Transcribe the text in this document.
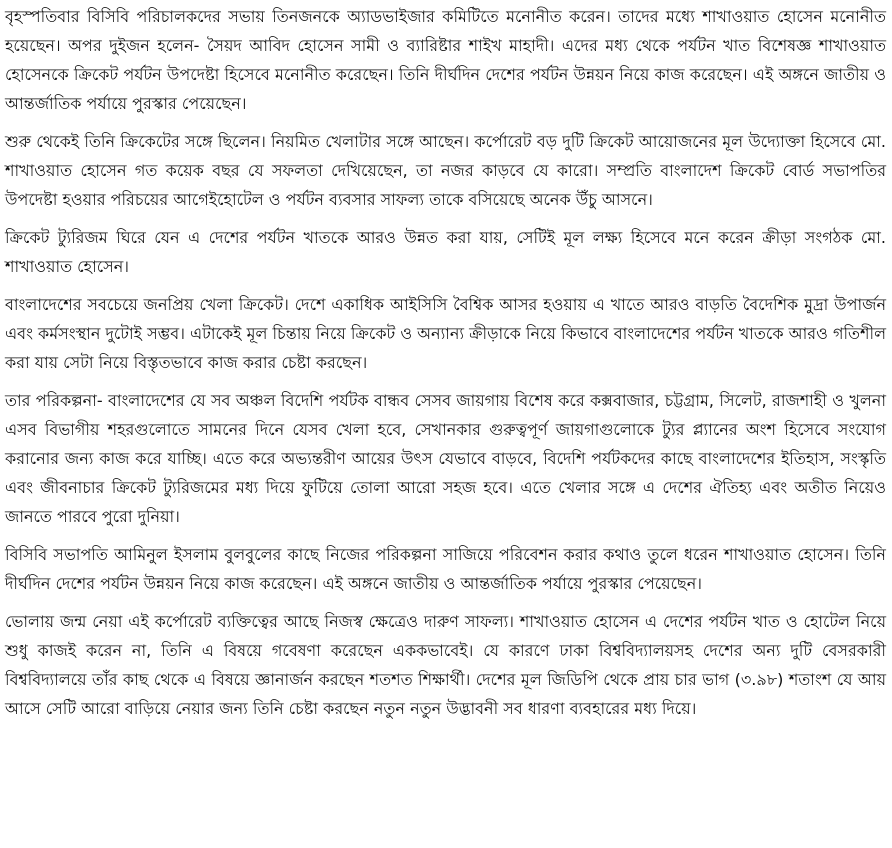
বৃহস্পতিবার বিসিবি পরিচালকদের সভায় তিনজনকে অ্যাডভাইজার কমিটিতে মনোনীত করেন। তাদের মধ্যে শাখাওয়াত হোসেন মনোনীত হয়েছেন। অপর দুইজন হলেন- সৈয়দ আবিদ হোসেন সামী ও ব্যারিষ্টার শাইখ মাহাদী। এদের মধ্য থেকে পর্যটন খাত বিশেষজ্ঞ শাখাওয়াত হোসেনকে ক্রিকেট পর্যটন উপদেষ্টা হিসেবে মনোনীত করেছেন। তিনি দীর্ঘদিন দেশের পর্যটন উন্নয়ন নিয়ে কাজ করেছেন। এই অঙ্গনে জাতীয় ও আন্তর্জাতিক পর্যায়ে পুরস্কার পেয়েছেন।

শুরু থেকেই তিনি ক্রিকেটের সঙ্গে ছিলেন। নিয়মিত খেলাটার সঙ্গে আছেন। কর্পোরেট বড় দুটি ক্রিকেট আয়োজনের মূল উদ্যোক্তা হিসেবে মো. শাখাওয়াত হোসেন গত কয়েক বছর যে সফলতা দেখিয়েছেন, তা নজর কাড়বে যে কারো। সম্প্রতি বাংলাদেশ ক্রিকেট বোর্ড সভাপতির উপদেষ্টা হওয়ার পরিচয়ের আগেইহোটেল ও পর্যটন ব্যবসার সাফল্য তাকে বসিয়েছে অনেক উঁচু আসনে।

ক্রিকেট ট্যুরিজম ঘিরে যেন এ দেশের পর্যটন খাতকে আরও উন্নত করা যায়, সেটিই মূল লক্ষ্য হিসেবে মনে করেন ক্রীড়া সংগঠক মো. শাখাওয়াত হোসেন।

বাংলাদেশের সবচেয়ে জনপ্রিয় খেলা ক্রিকেট। দেশে একাধিক আইসিসি বৈশ্বিক আসর হওয়ায় এ খাতে আরও বাড়তি বৈদেশিক মুদ্রা উপার্জন এবং কর্মসংস্থান দুটোই সম্ভব। এটাকেই মূল চিন্তায় নিয়ে ক্রিকেট ও অন্যান্য ক্রীড়াকে নিয়ে কিভাবে বাংলাদেশের পর্যটন খাতকে আরও গতিশীল করা যায় সেটা নিয়ে বিস্তৃতভাবে কাজ করার চেষ্টা করছেন।

তার পরিকল্পনা- বাংলাদেশের যে সব অঞ্চল বিদেশি পর্যটক বান্ধব সেসব জায়গায় বিশেষ করে কক্সবাজার, চট্টগ্রাম, সিলেট, রাজশাহী ও খুলনা এসব বিভাগীয় শহরগুলোতে সামনের দিনে যেসব খেলা হবে, সেখানকার গুরুত্বপূর্ণ জায়গাগুলোকে ট্যুর প্ল্যানের অংশ হিসেবে সংযোগ করানোর জন্য কাজ করে যাচ্ছি। এতে করে অভ্যন্তরীণ আয়ের উৎস যেভাবে বাড়বে, বিদেশি পর্যটকদের কাছে বাংলাদেশের ইতিহাস, সংস্কৃতি এবং জীবনাচার ক্রিকেট ট্যুরিজমের মধ্য দিয়ে ফুটিয়ে তোলা আরো সহজ হবে। এতে খেলার সঙ্গে এ দেশের ঐতিহ্য এবং অতীত নিয়েও জানতে পারবে পুরো দুনিয়া।

বিসিবি সভাপতি আমিনুল ইসলাম বুলবুলের কাছে নিজের পরিকল্পনা সাজিয়ে পরিবেশন করার কথাও তুলে ধরেন শাখাওয়াত হোসেন। তিনি দীর্ঘদিন দেশের পর্যটন উন্নয়ন নিয়ে কাজ করেছেন। এই অঙ্গনে জাতীয় ও আন্তর্জাতিক পর্যায়ে পুরস্কার পেয়েছেন।

ভোলায় জন্ম নেয়া এই কর্পোরেট ব্যক্তিত্বের আছে নিজস্ব ক্ষেত্রেও দারুণ সাফল্য। শাখাওয়াত হোসেন এ দেশের পর্যটন খাত ও হোটেল নিয়ে শুধু কাজই করেন না, তিনি এ বিষয়ে গবেষণা করেছেন এককভাবেই। যে কারণে ঢাকা বিশ্ববিদ্যালয়সহ দেশের অন্য দুটি বেসরকারী বিশ্ববিদ্যালয়ে তাঁর কাছ থেকে এ বিষয়ে জ্ঞানার্জন করছেন শতশত শিক্ষার্থী। দেশের মূল জিডিপি থেকে প্রায় চার ভাগ (৩.৯৮) শতাংশ যে আয় আসে সেটি আরো বাড়িয়ে নেয়ার জন্য তিনি চেষ্টা করছেন নতুন নতুন উদ্ভাবনী সব ধারণা ব্যবহারের মধ্য দিয়ে।
